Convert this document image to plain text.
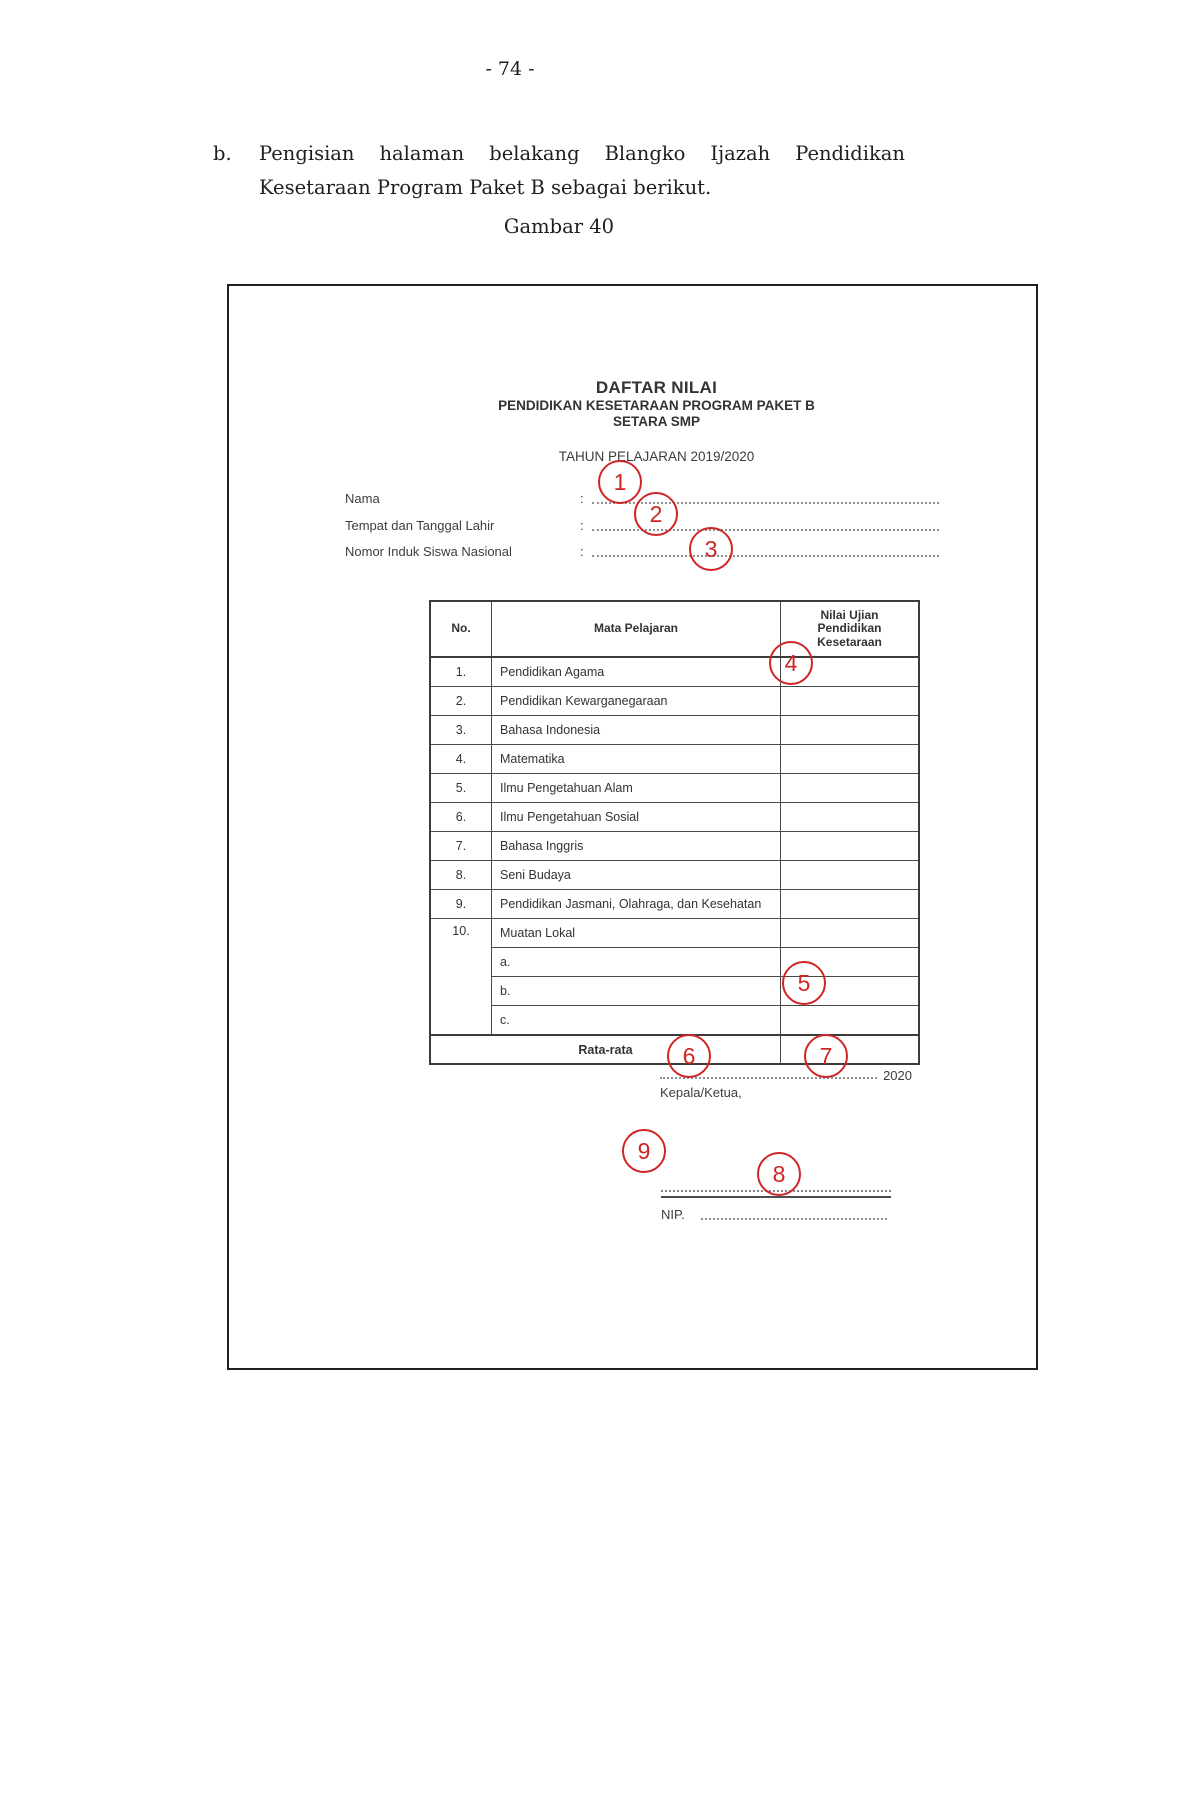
- 74 -
b. Pengisian halaman belakang Blangko Ijazah Pendidikan
Kesetaraan Program Paket B sebagai berikut.
Gambar 40
DAFTAR NILAI
PENDIDIKAN KESETARAAN PROGRAM PAKET B
SETARA SMP
TAHUN PELAJARAN 2019/2020
Nama	:
Tempat dan Tanggal Lahir	:
Nomor Induk Siswa Nasional	:
No.	Mata Pelajaran	Nilai Ujian Pendidikan Kesetaraan
1.	Pendidikan Agama	
2.	Pendidikan Kewarganegaraan	
3.	Bahasa Indonesia	
4.	Matematika	
5.	Ilmu Pengetahuan Alam	
6.	Ilmu Pengetahuan Sosial	
7.	Bahasa Inggris	
8.	Seni Budaya	
9.	Pendidikan Jasmani, Olahraga, dan Kesehatan	
10.	Muatan Lokal	
	a.	
	b.	
	c.	
Rata-rata		
2020
Kepala/Ketua,
NIP.
1
2
3
4
5
6	7
8
9
